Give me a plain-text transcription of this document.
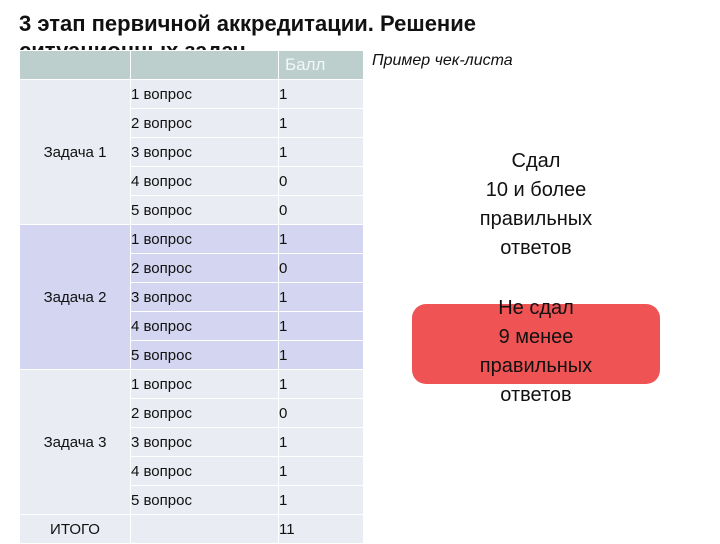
3 этап первичной аккредитации. Решение
Пример чек-листа
		Балл
Задача 1	1 вопрос	1
	2 вопрос	1
	3 вопрос	1
	4 вопрос	0
	5 вопрос	0
Задача 2	1 вопрос	1
	2 вопрос	0
	3 вопрос	1
	4 вопрос	1
	5 вопрос	1
Задача 3	1 вопрос	1
	2 вопрос	0
	3 вопрос	1
	4 вопрос	1
	5 вопрос	1
ИТОГО		11
Сдал
10 и более
правильных
ответов
Не сдал
9 менее
правильных
ответов
